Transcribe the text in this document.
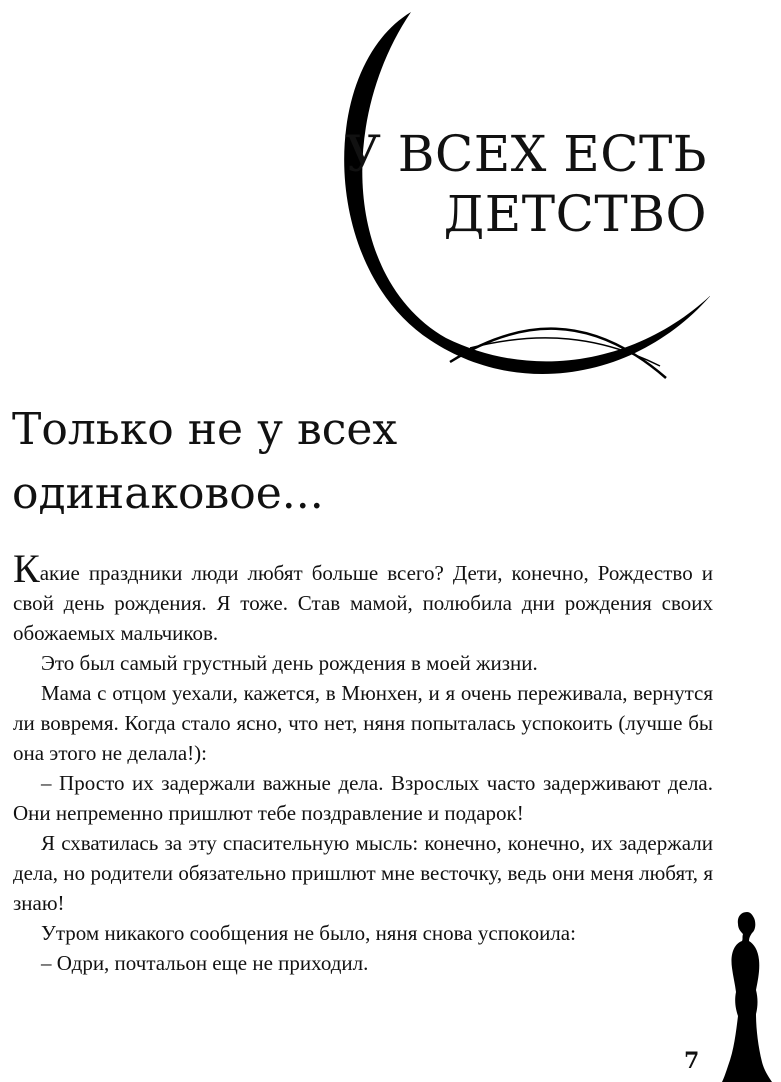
У ВСЕХ ЕСТЬ
ДЕТСТВО
Только не у всех
одинаковое...

Какие праздники люди любят больше всего? Дети, конечно, Рождество и свой день рождения. Я тоже. Став мамой, полюбила дни рождения своих обожаемых мальчиков.

Это был самый грустный день рождения в моей жизни.

Мама с отцом уехали, кажется, в Мюнхен, и я очень переживала, вернутся ли вовремя. Когда стало ясно, что нет, няня попыталась успокоить (лучше бы она этого не делала!):

– Просто их задержали важные дела. Взрослых часто задерживают дела. Они непременно пришлют тебе поздравление и подарок!

Я схватилась за эту спасительную мысль: конечно, конечно, их задержали дела, но родители обязательно пришлют мне весточку, ведь они меня любят, я знаю!

Утром никакого сообщения не было, няня снова успокоила:

– Одри, почтальон еще не приходил.

7
